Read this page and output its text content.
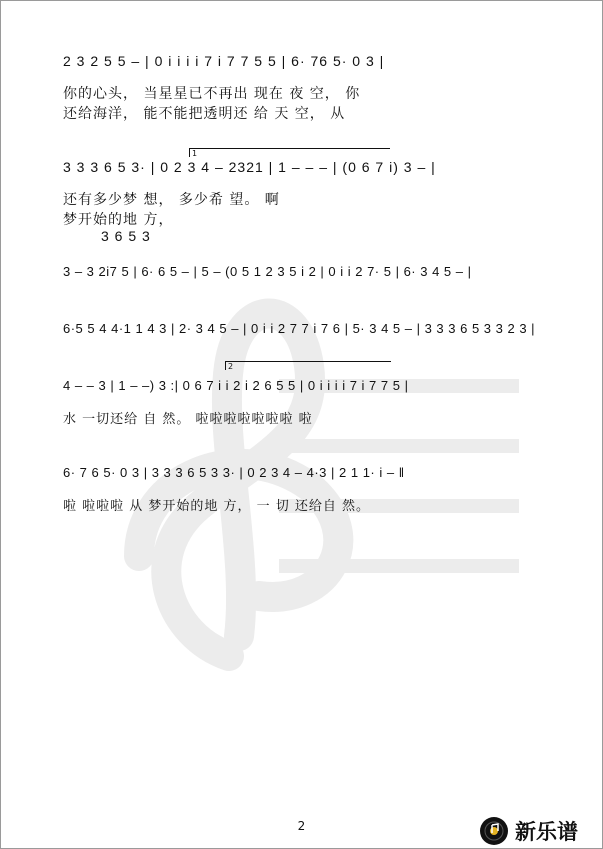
2 3 2 5 5 – | 0 i i i i 7 i 7 7 5 5 | 6· 76 5· 0 3 |
你的心头， 当星星已不再出 现在 夜 空， 你
还给海洋， 能不能把透明还 给 天 空， 从
1
3 3 3 6 5 3· | 0 2 3 4 – 2321 | 1 – – – | (0 6 7 i) 3 – |
还有多少梦 想， 多少希 望。 啊
梦开始的地 方，
3 6 5 3
3 – 3 2i7 5 | 6· 6 5 – | 5 – (0 5 1 2 3 5 i 2 | 0 i i 2 7· 5 | 6· 3 4 5 – |
6·5 5 4 4·1 1 4 3 | 2· 3 4 5 – | 0 i i 2 7 7 i 7 6 | 5· 3 4 5 – | 3 3 3 6 5 3 3 2 3 |
2
4 – – 3 | 1 – –) 3 :| 0 6 7 i i 2 i 2 6 5 5 | 0 i i i i 7 i 7 7 5 |
水 一切还给 自 然。 啦啦啦啦啦啦啦 啦
6· 7 6 5· 0 3 | 3 3 3 6 5 3 3· | 0 2 3 4 – 4·3 | 2 1 1· i – ‖
啦 啦啦啦 从 梦开始的地 方， 一 切 还给自 然。
2	新乐谱
